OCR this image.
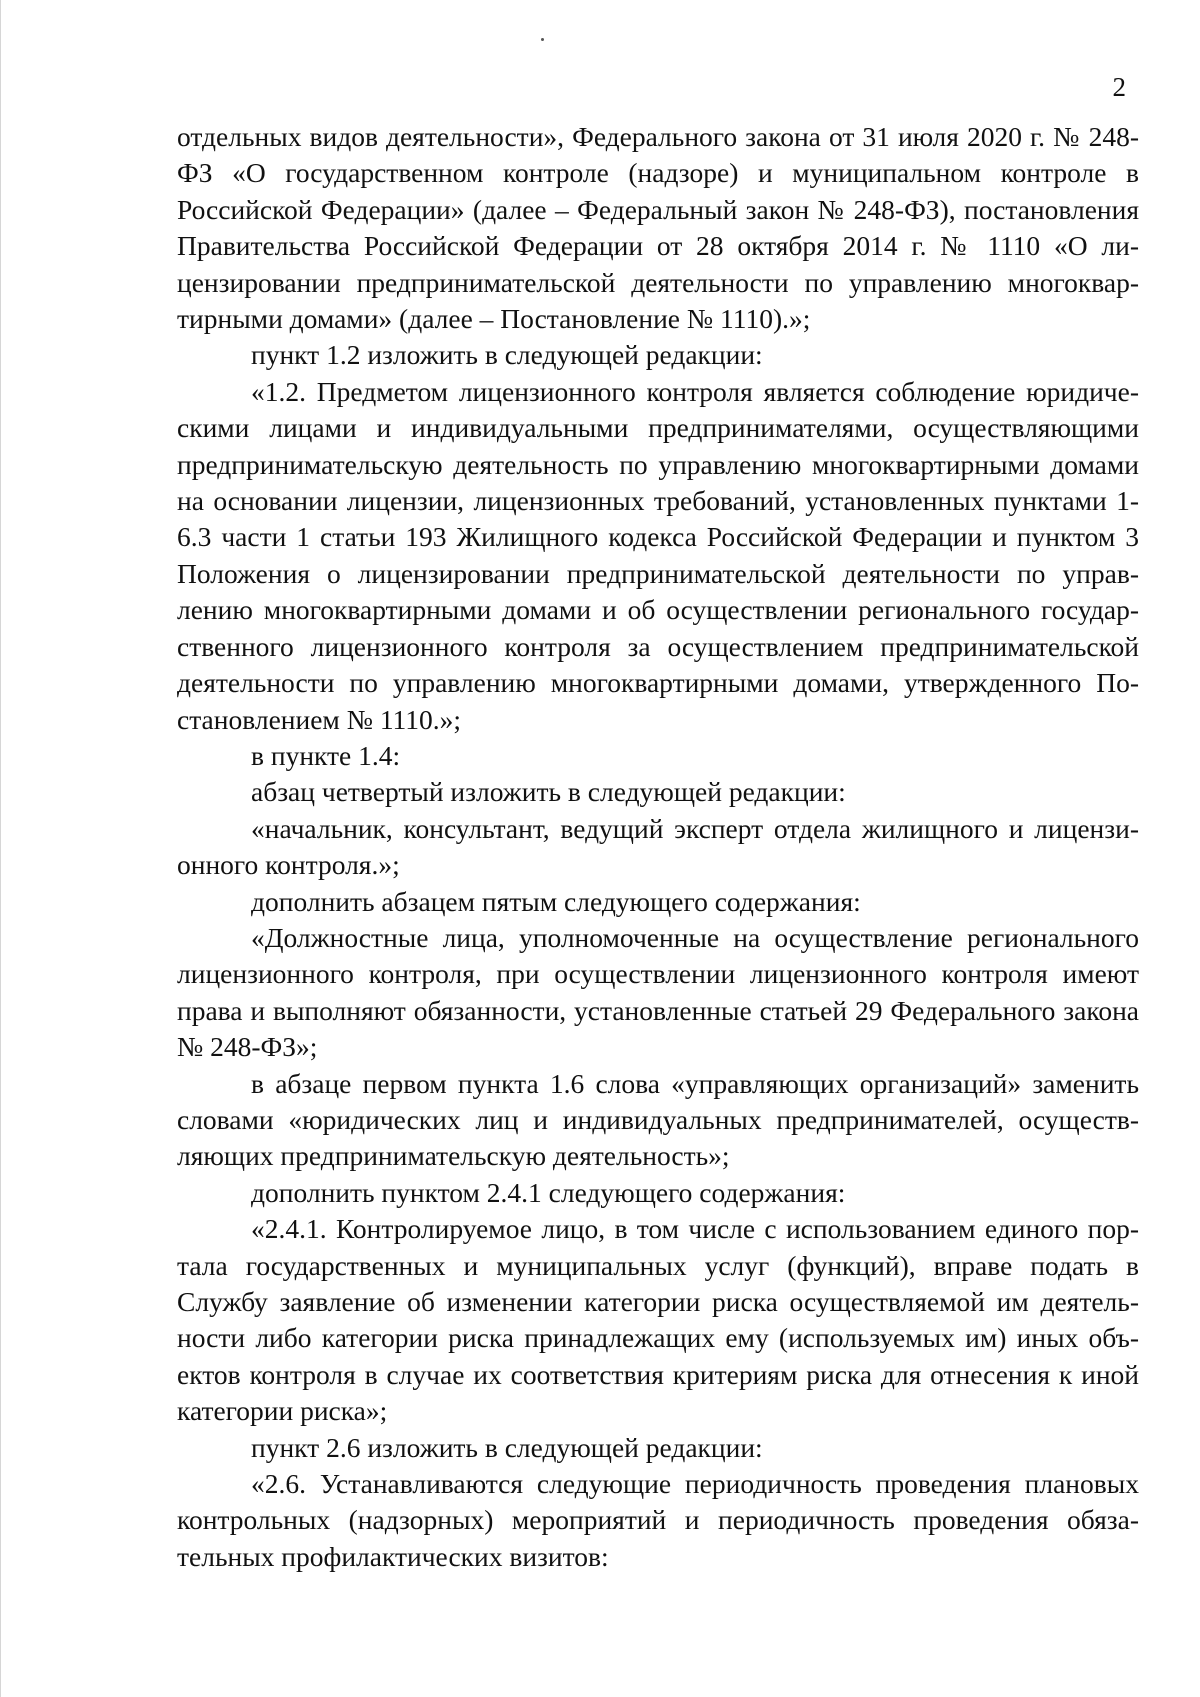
2

отдельных видов деятельности», Федерального закона от 31 июля 2020 г. № 248-ФЗ «О государственном контроле (надзоре) и муниципальном контроле в Российской Федерации» (далее – Федеральный закон № 248-ФЗ), постановления Правительства Российской Федерации от 28 октября 2014 г. № 1110 «О лицензировании предпринимательской деятельности по управлению многоквартирными домами» (далее – Постановление № 1110).»;

пункт 1.2 изложить в следующей редакции:

«1.2. Предметом лицензионного контроля является соблюдение юридическими лицами и индивидуальными предпринимателями, осуществляющими предпринимательскую деятельность по управлению многоквартирными домами на основании лицензии, лицензионных требований, установленных пунктами 1-6.3 части 1 статьи 193 Жилищного кодекса Российской Федерации и пунктом 3 Положения о лицензировании предпринимательской деятельности по управлению многоквартирными домами и об осуществлении регионального государственного лицензионного контроля за осуществлением предпринимательской деятельности по управлению многоквартирными домами, утвержденного Постановлением № 1110.»;

в пункте 1.4:

абзац четвертый изложить в следующей редакции:

«начальник, консультант, ведущий эксперт отдела жилищного и лицензионного контроля.»;

дополнить абзацем пятым следующего содержания:

«Должностные лица, уполномоченные на осуществление регионального лицензионного контроля, при осуществлении лицензионного контроля имеют права и выполняют обязанности, установленные статьей 29 Федерального закона № 248-ФЗ»;

в абзаце первом пункта 1.6 слова «управляющих организаций» заменить словами «юридических лиц и индивидуальных предпринимателей, осуществляющих предпринимательскую деятельность»;

дополнить пунктом 2.4.1 следующего содержания:

«2.4.1. Контролируемое лицо, в том числе с использованием единого портала государственных и муниципальных услуг (функций), вправе подать в Службу заявление об изменении категории риска осуществляемой им деятельности либо категории риска принадлежащих ему (используемых им) иных объектов контроля в случае их соответствия критериям риска для отнесения к иной категории риска»;

пункт 2.6 изложить в следующей редакции:

«2.6. Устанавливаются следующие периодичность проведения плановых контрольных (надзорных) мероприятий и периодичность проведения обязательных профилактических визитов:
